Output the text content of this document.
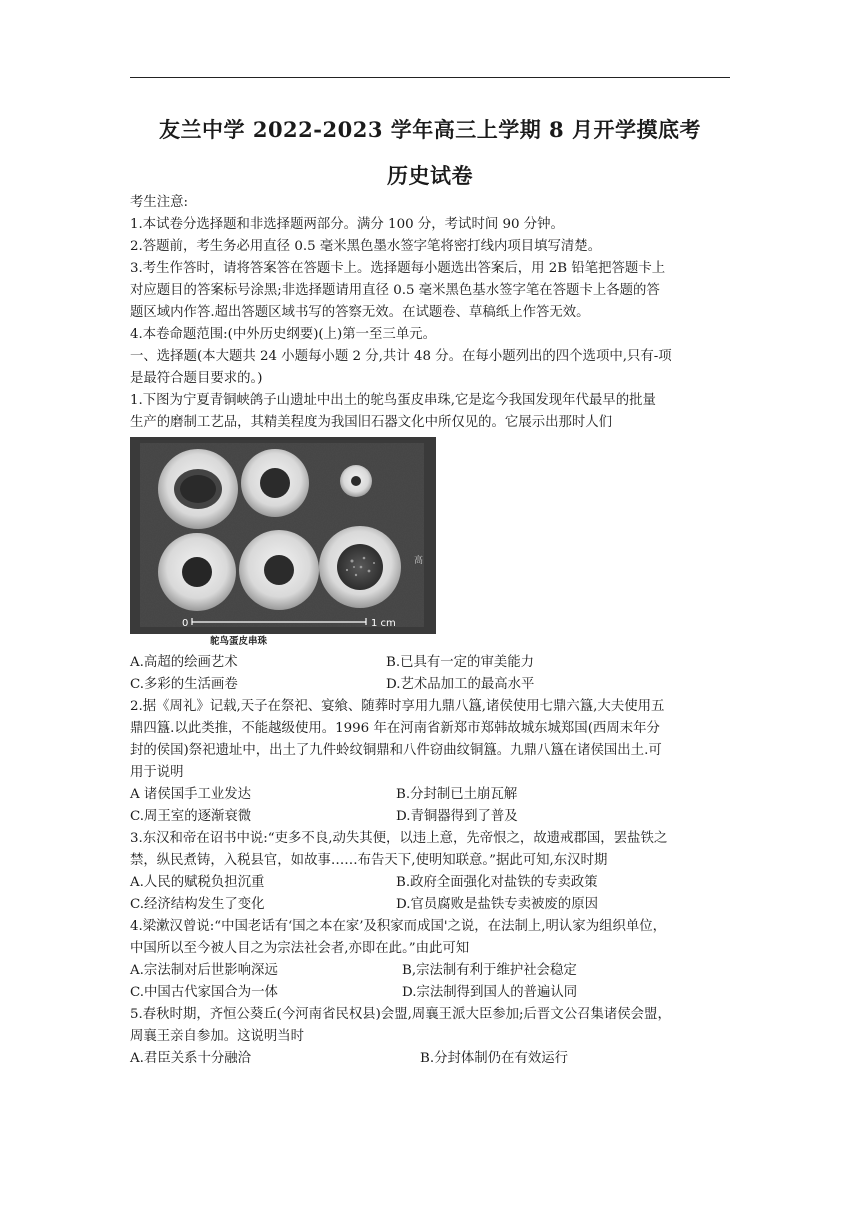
友兰中学 2022-2023 学年高三上学期 8 月开学摸底考
历史试卷
考生注意:
1.本试卷分选择题和非选择题两部分。满分 100 分，考试时间 90 分钟。
2.答题前，考生务必用直径 0.5 毫米黑色墨水签字笔将密打线内项目填写清楚。
3.考生作答时，请将答案答在答题卡上。选择题每小题选出答案后，用 2B 铅笔把答题卡上
对应题目的答案标号涂黑;非选择题请用直径 0.5 毫米黑色基水签字笔在答题卡上各题的答
题区域内作答.超出答题区域书写的答察无效。在试题卷、草稿纸上作答无效。
4.本卷命题范围:(中外历史纲要)(上)第一至三单元。
一、选择题(本大题共 24 小题每小题 2 分,共计 48 分。在每小题列出的四个选项中,只有-项
是最符合题目要求的。)
1.下图为宁夏青铜峡鸽子山遗址中出土的鸵鸟蛋皮串珠,它是迄今我国发现年代最早的批量
生产的磨制工艺品，其精美程度为我国旧石器文化中所仅见的。它展示出那时人们
高
0	1 cm
鸵鸟蛋皮串珠
A.高超的绘画艺术	B.已具有一定的审美能力
C.多彩的生活画卷	D.艺术品加工的最高水平
2.据《周礼》记载,天子在祭祀、宴飨、随葬时享用九鼎八簋,诸侯使用七鼎六簋,大夫使用五
鼎四簋.以此类推，不能越级使用。1996 年在河南省新郑市郑韩故城东城郑国(西周末年分
封的侯国)祭祀遗址中，出土了九件蛉纹铜鼎和八件窃曲纹铜簋。九鼎八簋在诸侯国出土.可
用于说明
A 诸侯国手工业发达	B.分封制已土崩瓦解
C.周王室的逐渐衰微	D.青铜器得到了普及
3.东汉和帝在诏书中说:“吏多不良,动失其便，以违上意，先帝恨之，故遗戒郡国，罢盐铁之
禁，纵民煮铸，入税县官，如故事……布告天下,使明知联意。”据此可知,东汉时期
A.人民的赋税负担沉重	B.政府全面强化对盐铁的专卖政策
C.经济结构发生了变化	D.官员腐败是盐铁专卖被废的原因
4.梁漱汉曾说:“中国老话有‘国之本在家’及积家而成国'之说，在法制上,明认家为组织单位，
中国所以至今被人目之为宗法社会者,亦即在此。”由此可知
A.宗法制对后世影响深远	B,宗法制有利于维护社会稳定
C.中国古代家国合为一体	D.宗法制得到国人的普遍认同
5.春秋时期，齐恒公葵丘(今河南省民权县)会盟,周襄王派大臣参加;后晋文公召集诸侯会盟，
周襄王亲自参加。这说明当时
A.君臣关系十分融洽	B.分封体制仍在有效运行
